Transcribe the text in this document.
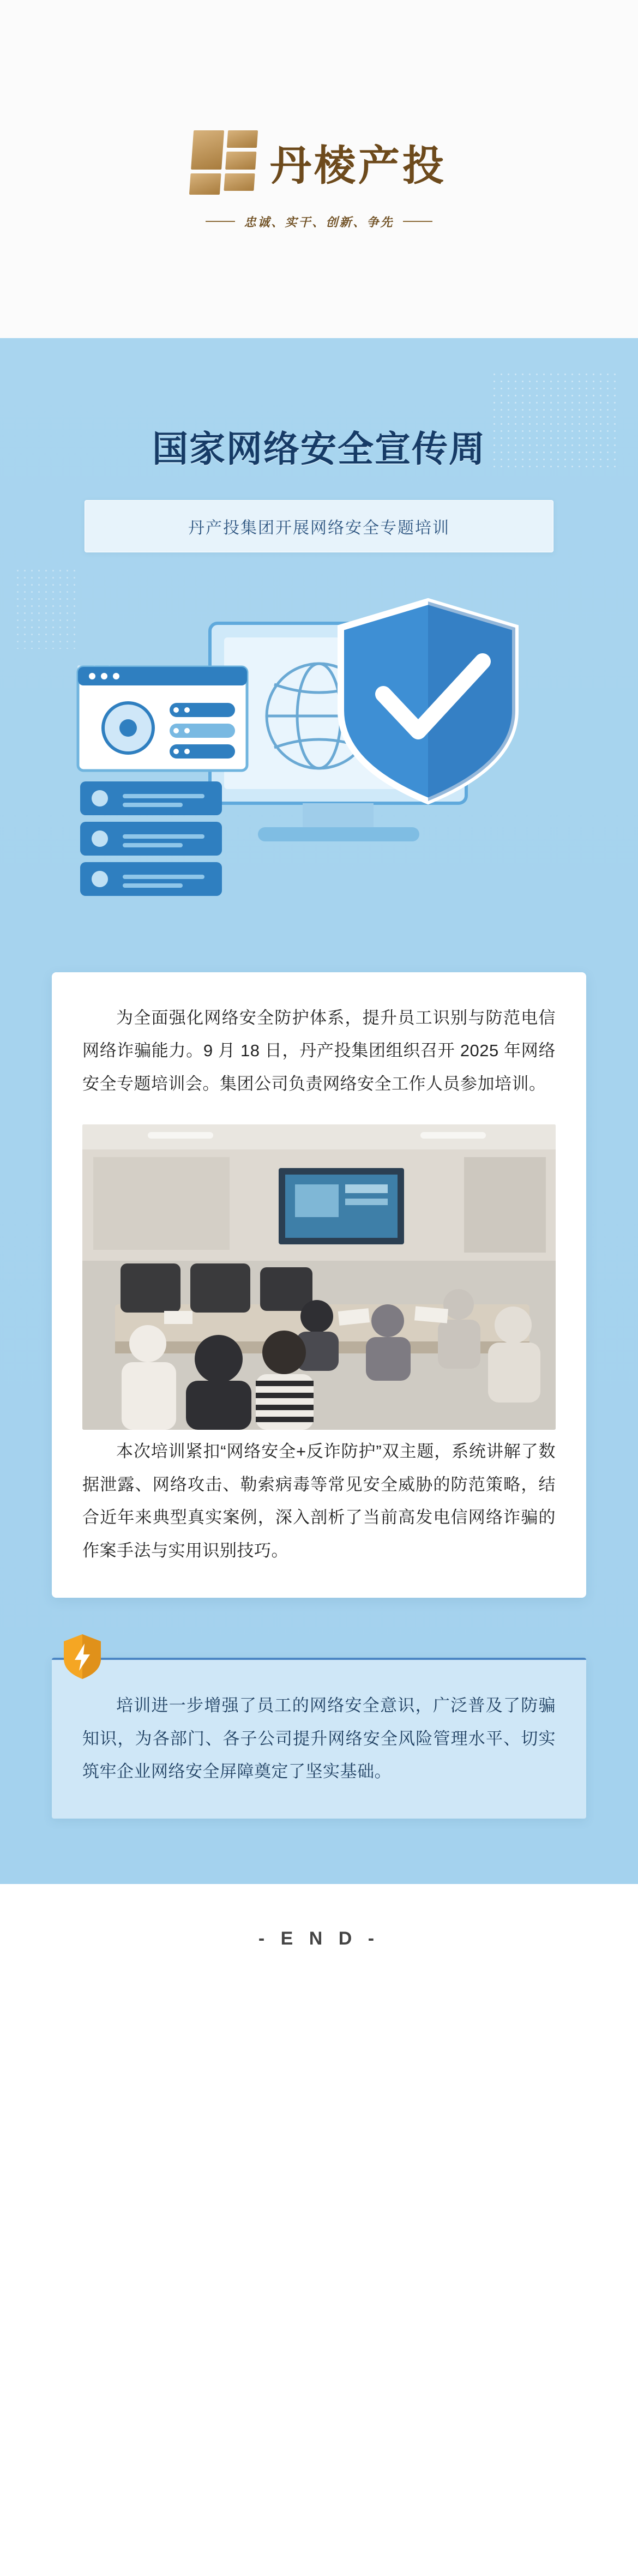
丹棱产投
忠诚、实干、创新、争先
国家网络安全宣传周
丹产投集团开展网络安全专题培训

为全面强化网络安全防护体系，提升员工识别与防范电信网络诈骗能力。9 月 18 日，丹产投集团组织召开 2025 年网络安全专题培训会。集团公司负责网络安全工作人员参加培训。

本次培训紧扣“网络安全+反诈防护”双主题，系统讲解了数据泄露、网络攻击、勒索病毒等常见安全威胁的防范策略，结合近年来典型真实案例，深入剖析了当前高发电信网络诈骗的作案手法与实用识别技巧。

培训进一步增强了员工的网络安全意识，广泛普及了防骗知识，为各部门、各子公司提升网络安全风险管理水平、切实筑牢企业网络安全屏障奠定了坚实基础。

- E N D -
